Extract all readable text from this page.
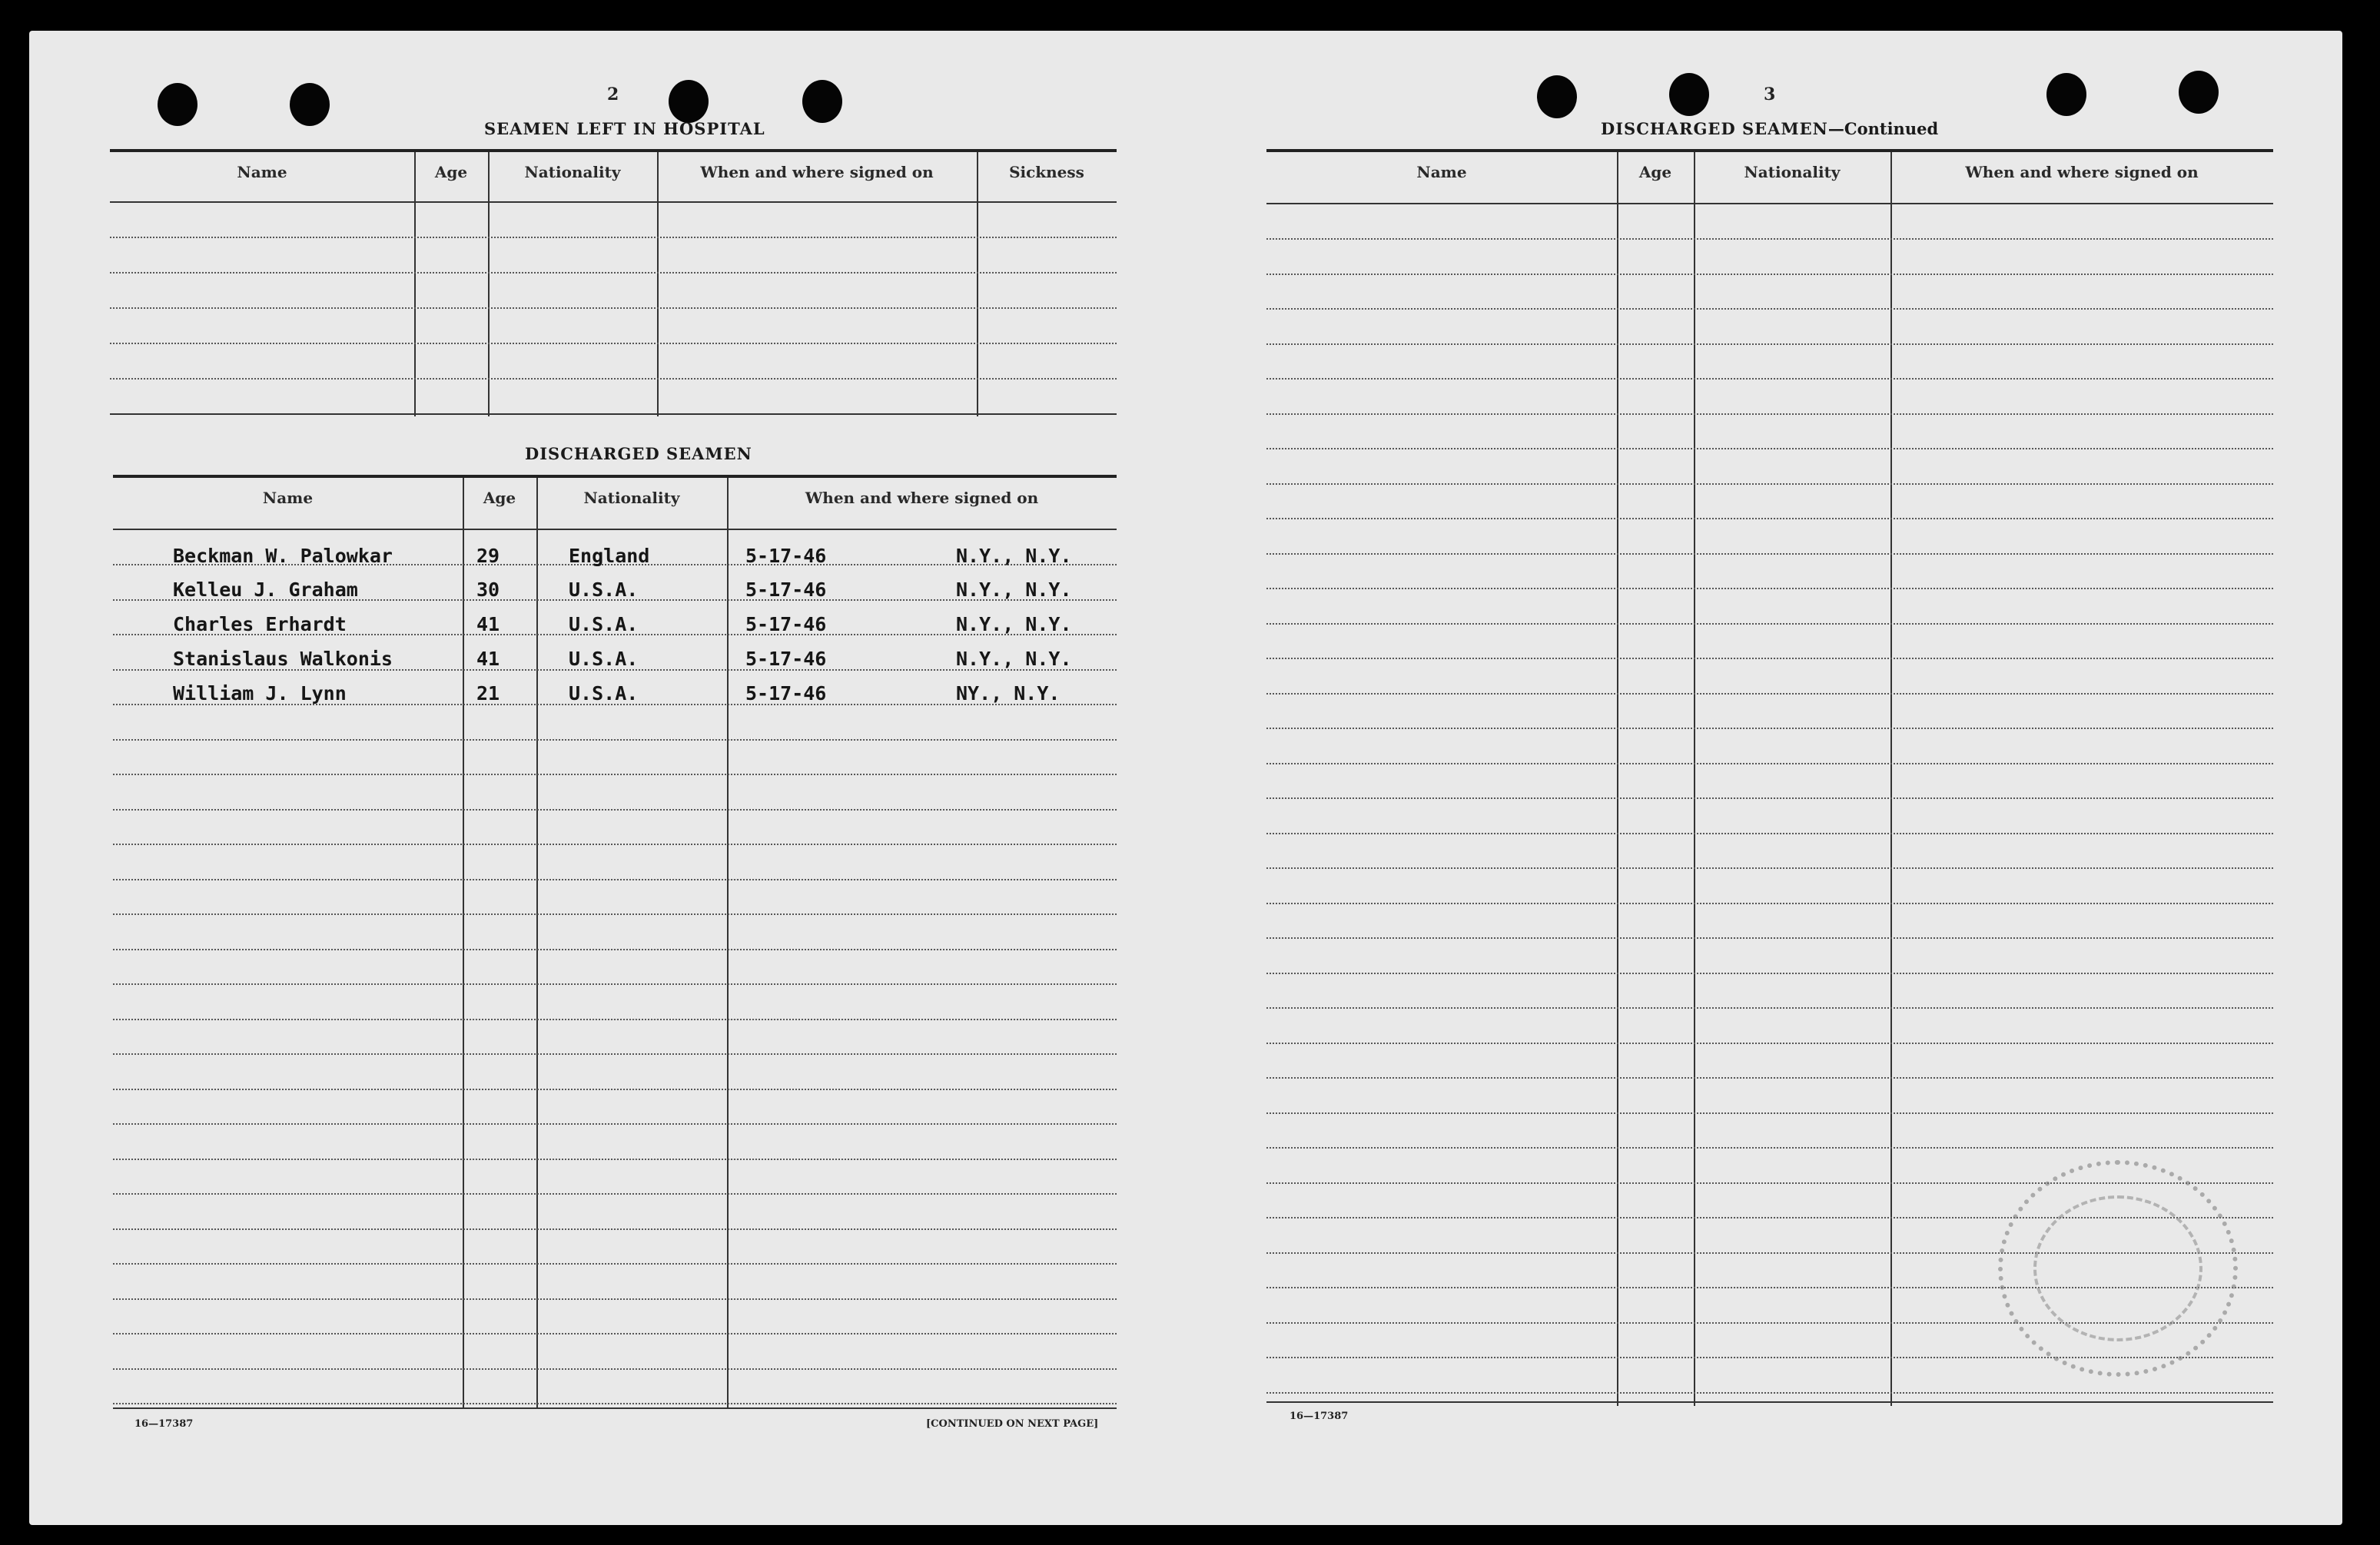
2
SEAMEN LEFT IN HOSPITAL
Name	Age	Nationality	When and where signed on	Sickness
DISCHARGED SEAMEN
Name	Age	Nationality	When and where signed on
Beckman W. Palowkar	29	England	5-17-46	N.Y., N.Y.
Kelleu J. Graham	30	U.S.A.	5-17-46	N.Y., N.Y.
Charles Erhardt	41	U.S.A.	5-17-46	N.Y., N.Y.
Stanislaus Walkonis	41	U.S.A.	5-17-46	N.Y., N.Y.
William J. Lynn	21	U.S.A.	5-17-46	NY., N.Y.
16—17387	[CONTINUED ON NEXT PAGE]
3
DISCHARGED SEAMEN—Continued
Name	Age	Nationality	When and where signed on
16—17387
